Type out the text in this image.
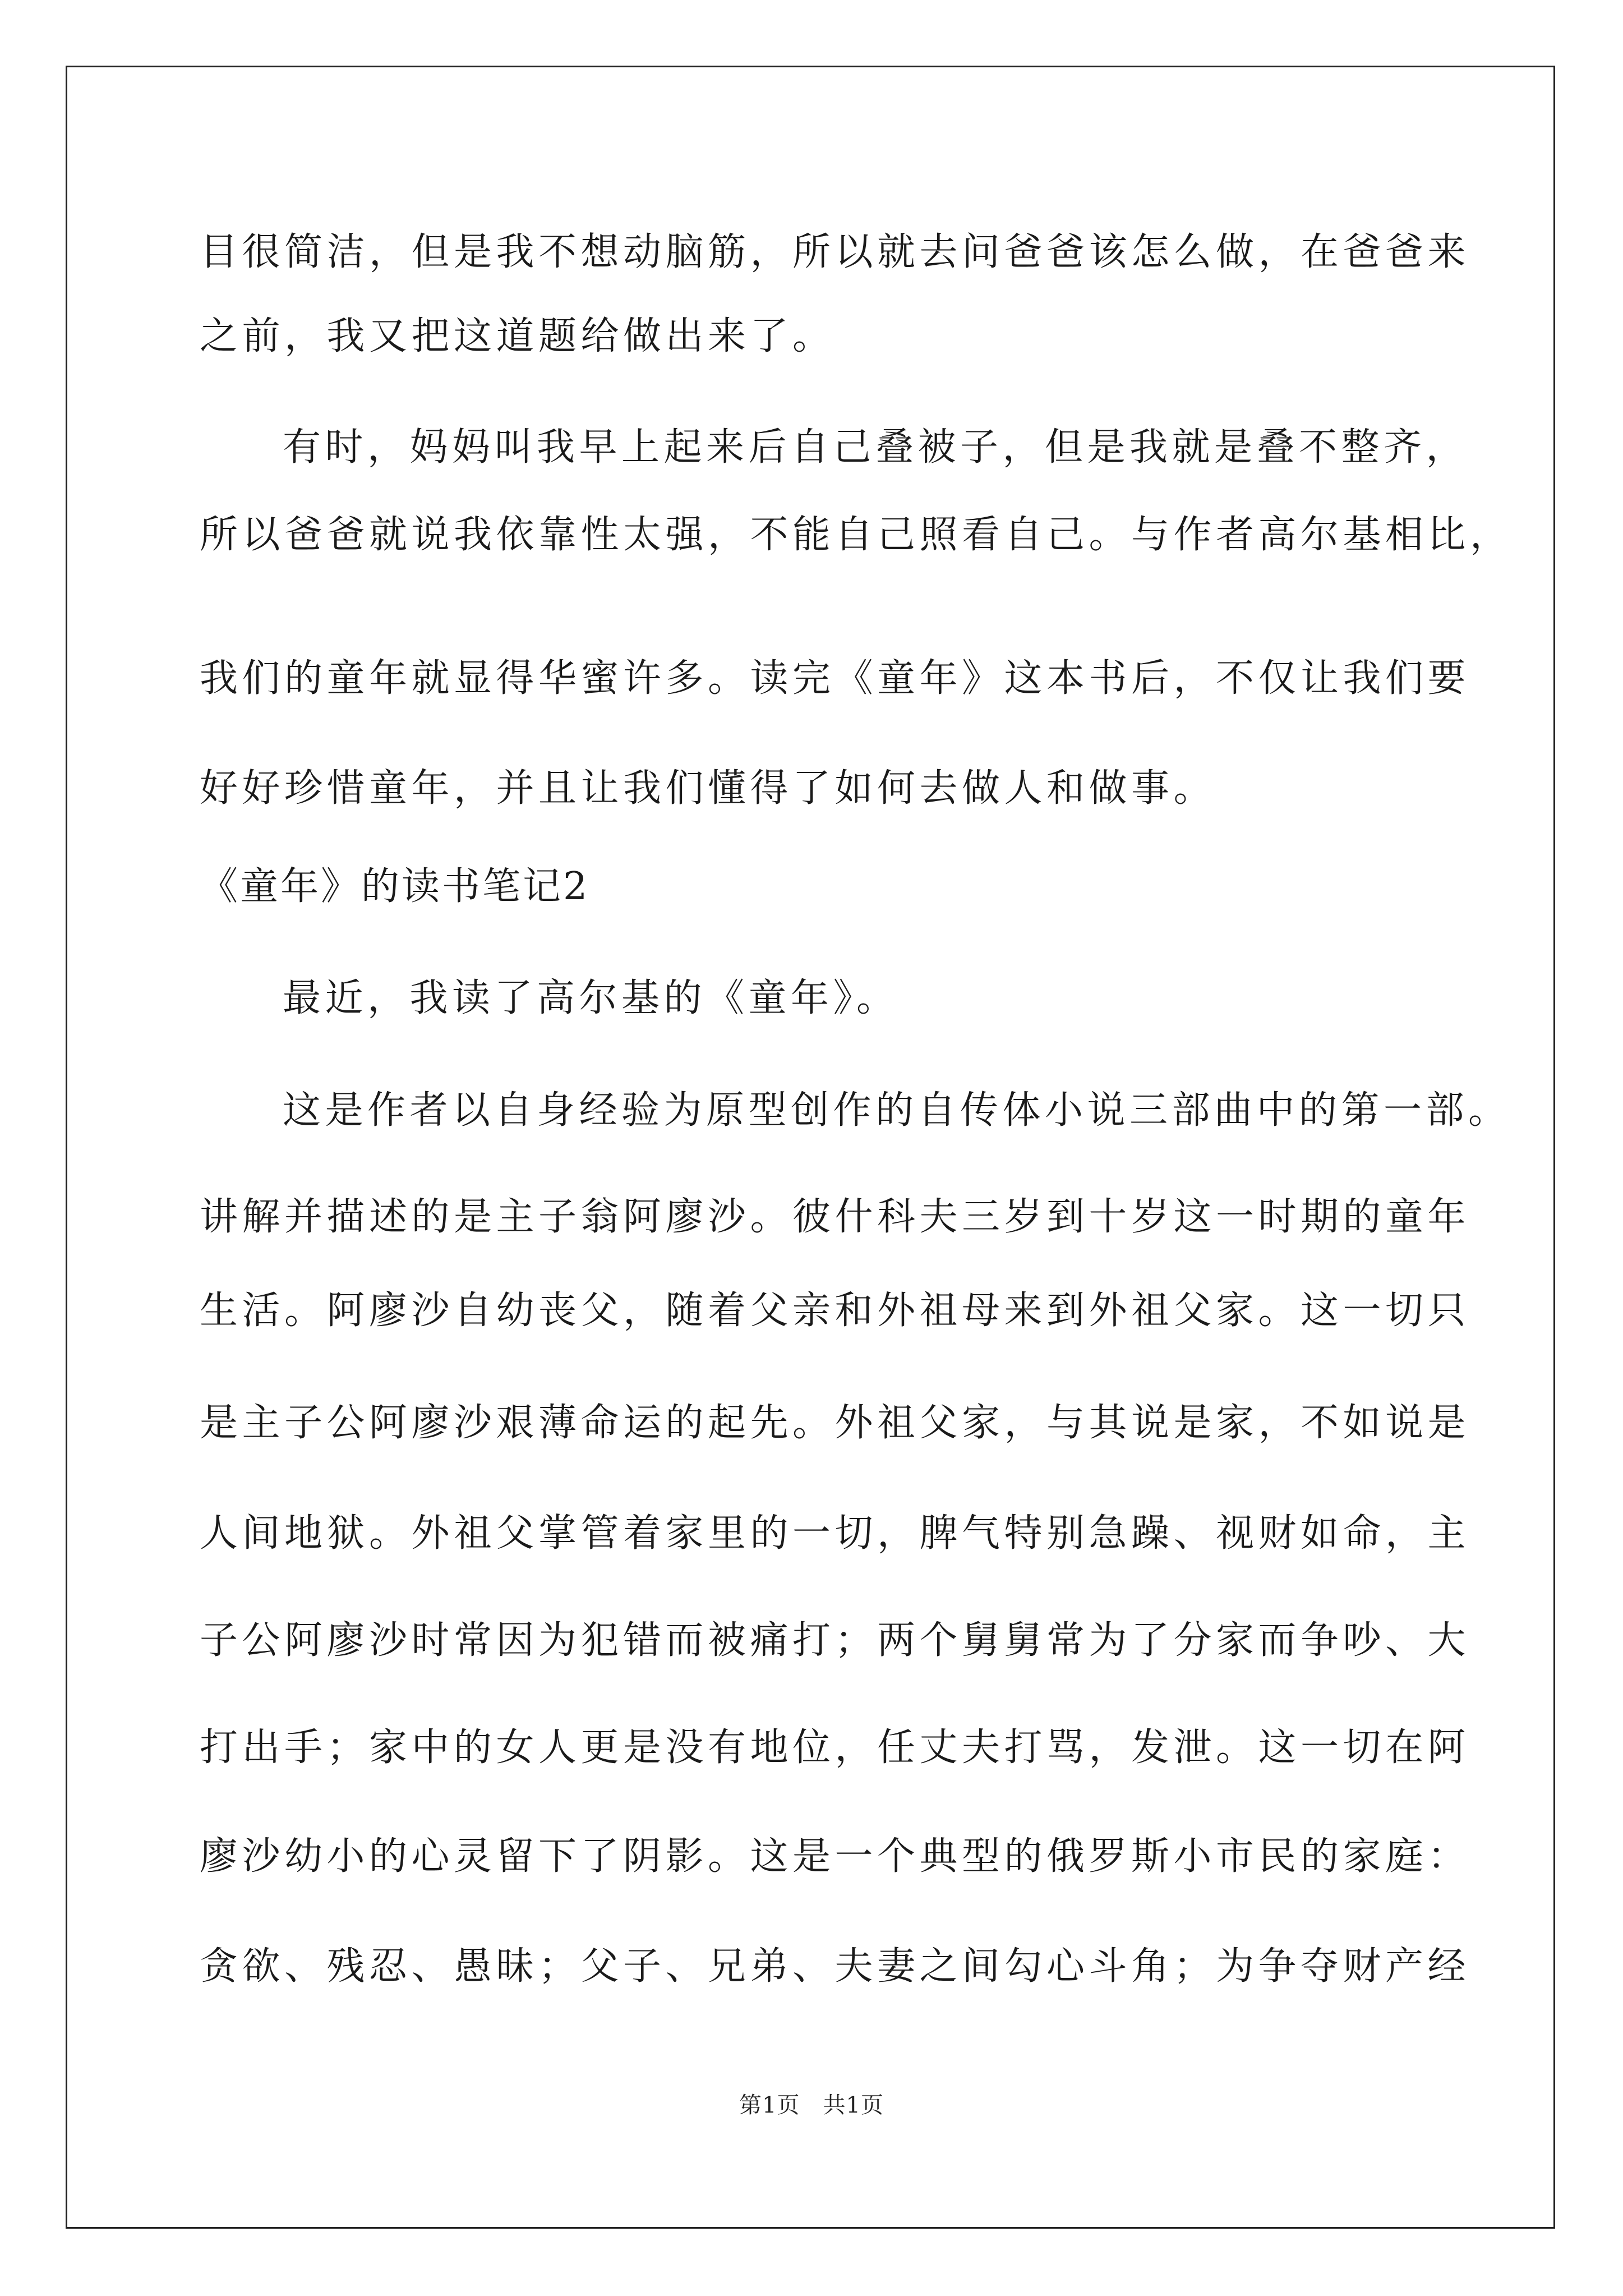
目很简洁，但是我不想动脑筋，所以就去问爸爸该怎么做，在爸爸来
之前，我又把这道题给做出来了。
有时，妈妈叫我早上起来后自己叠被子，但是我就是叠不整齐，
所以爸爸就说我依靠性太强，不能自己照看自己。与作者高尔基相比，
我们的童年就显得华蜜许多。读完《童年》这本书后，不仅让我们要
好好珍惜童年，并且让我们懂得了如何去做人和做事。
《童年》的读书笔记2
最近，我读了高尔基的《童年》。
这是作者以自身经验为原型创作的自传体小说三部曲中的第一部。
讲解并描述的是主子翁阿廖沙。彼什科夫三岁到十岁这一时期的童年
生活。阿廖沙自幼丧父，随着父亲和外祖母来到外祖父家。这一切只
是主子公阿廖沙艰薄命运的起先。外祖父家，与其说是家，不如说是
人间地狱。外祖父掌管着家里的一切，脾气特别急躁、视财如命，主
子公阿廖沙时常因为犯错而被痛打；两个舅舅常为了分家而争吵、大
打出手；家中的女人更是没有地位，任丈夫打骂，发泄。这一切在阿
廖沙幼小的心灵留下了阴影。这是一个典型的俄罗斯小市民的家庭：
贪欲、残忍、愚昧；父子、兄弟、夫妻之间勾心斗角；为争夺财产经
第1页　共1页
